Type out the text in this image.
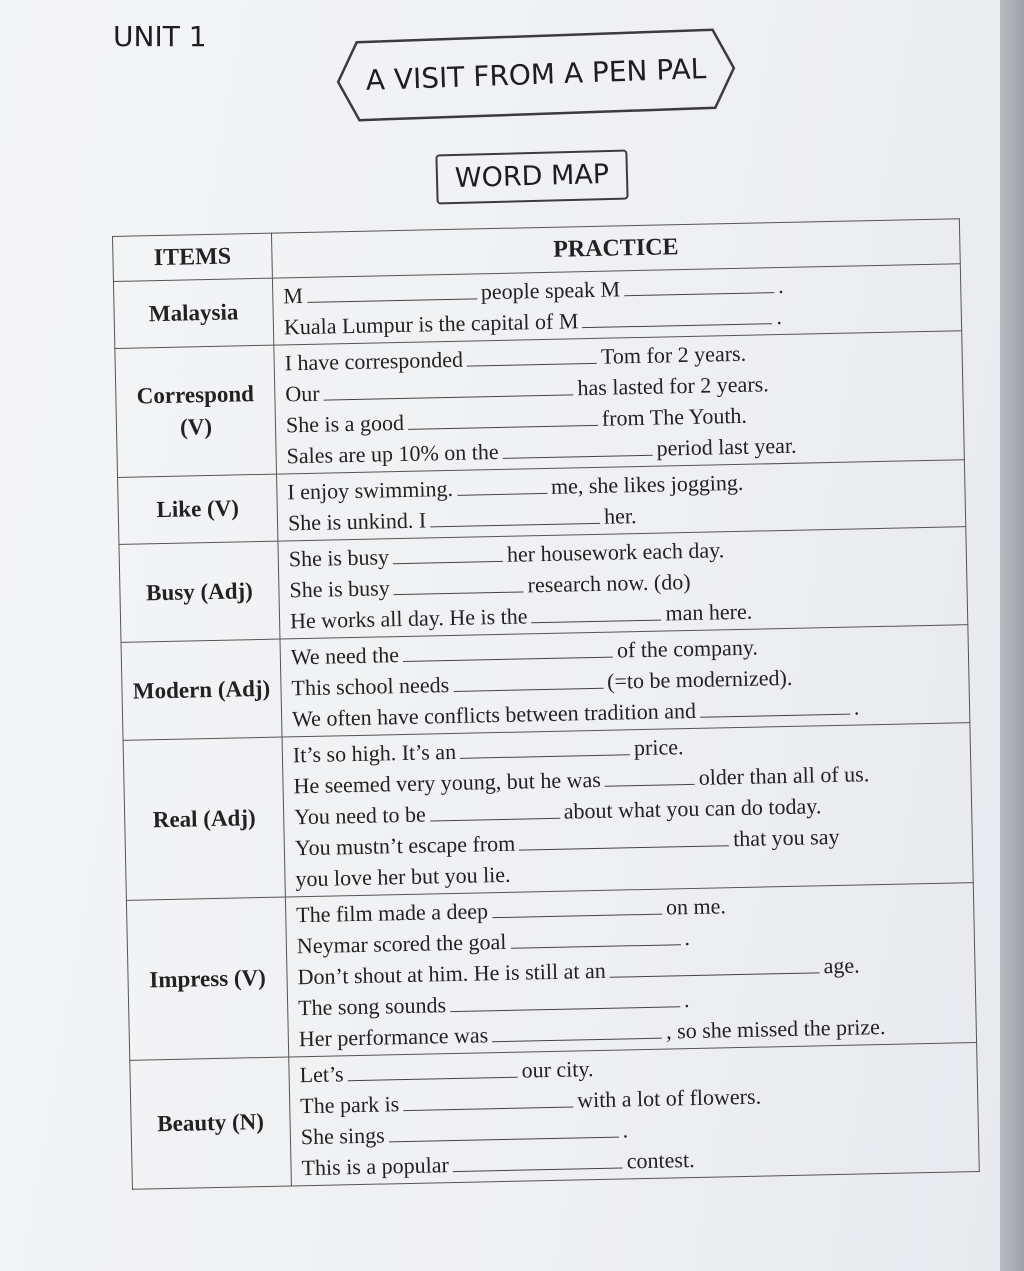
UNIT 1
A VISIT FROM A PEN PAL
WORD MAP
ITEMS	PRACTICE
Malaysia	M people speak M .
Kuala Lumpur is the capital of M .

Correspond (V)	I have corresponded Tom for 2 years.
Our has lasted for 2 years.
She is a good from The Youth.
Sales are up 10% on the period last year.

Like (V)	I enjoy swimming. me, she likes jogging.
She is unkind. I her.

Busy (Adj)	She is busy her housework each day.
She is busy research now. (do)
He works all day. He is the man here.

Modern (Adj)	We need the of the company.
This school needs (=to be modernized).
We often have conflicts between tradition and .

Real (Adj)	It’s so high. It’s an price.
He seemed very young, but he was older than all of us.
You need to be about what you can do today.
You mustn’t escape from that you say
you love her but you lie.

Impress (V)	The film made a deep on me.
Neymar scored the goal .
Don’t shout at him. He is still at an age.
The song sounds .
Her performance was , so she missed the prize.

Beauty (N)	Let’s our city.
The park is with a lot of flowers.
She sings .
This is a popular contest.
